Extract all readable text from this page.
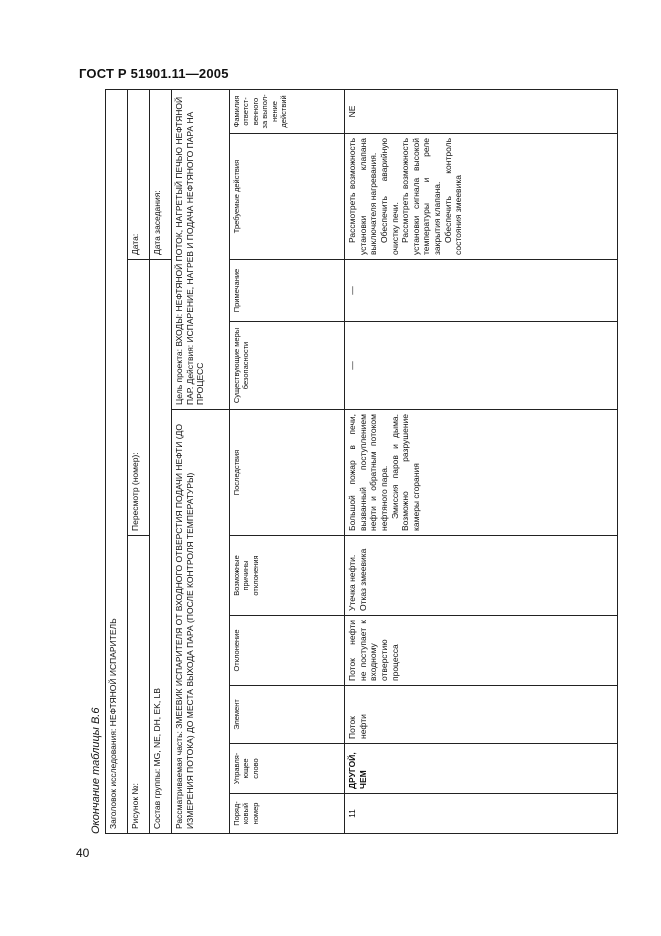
ГОСТ Р 51901.11—2005
Окончание таблицы В.6 Заголовок исследования: НЕФТЯНОЙ ИСПАРИТЕЛЬ									
Рисунок №:					Пересмотр (номер):			Дата:	
Состав группы: MG, NE, DH, EK, LB								Дата заседания:	
Рассматриваемая часть: ЗМЕЕВИК ИСПАРИТЕЛЯ ОТ ВХОДНОГО ОТВЕРСТИЯ ПОДАЧИ НЕФТИ (ДО ИЗМЕРЕНИЯ ПОТОКА) ДО МЕСТА ВЫХОДА ПАРА (ПОСЛЕ КОНТРОЛЯ ТЕМПЕРАТУРЫ)						Цель проекта: ВХОДЫ: НЕФТЯНОЙ ПОТОК, НАГРЕТЫЙ ПЕЧЬЮ НЕФТЯНОЙ ПАР. Действия: ИСПАРЕНИЕ, НАГРЕВ И ПОДАЧА НЕФТЯНОГО ПАРА НА ПРОЦЕСС			
Поряд-ковый номер	Управля-ющее слово	Элемент	Отклонение	Возможные причины отклонения	Последствия	Существующие меры безопасности	Примечание	Требуемые действия	Фамилия ответст-венного за выпол-нение действий
11	ДРУГОЙ, ЧЕМ	Поток нефти	Поток нефти не поступает к входному отверстию процесса	Утечка нефти. Отказ змеевика	Большой пожар в печи, вызванный поступлением нефти и обратным потоком нефтяного пара. Эмиссия паров и дыма. Возможно разрушение камеры сгорания	—	—	Рассмотреть возможность установки клапана выключателя нагревания. Обеспечить аварийную очистку печи. Рассмотреть возможность установки сигнала высокой температуры и реле закрытия клапана. Обеспечить контроль состояния змеевика	NE
40
